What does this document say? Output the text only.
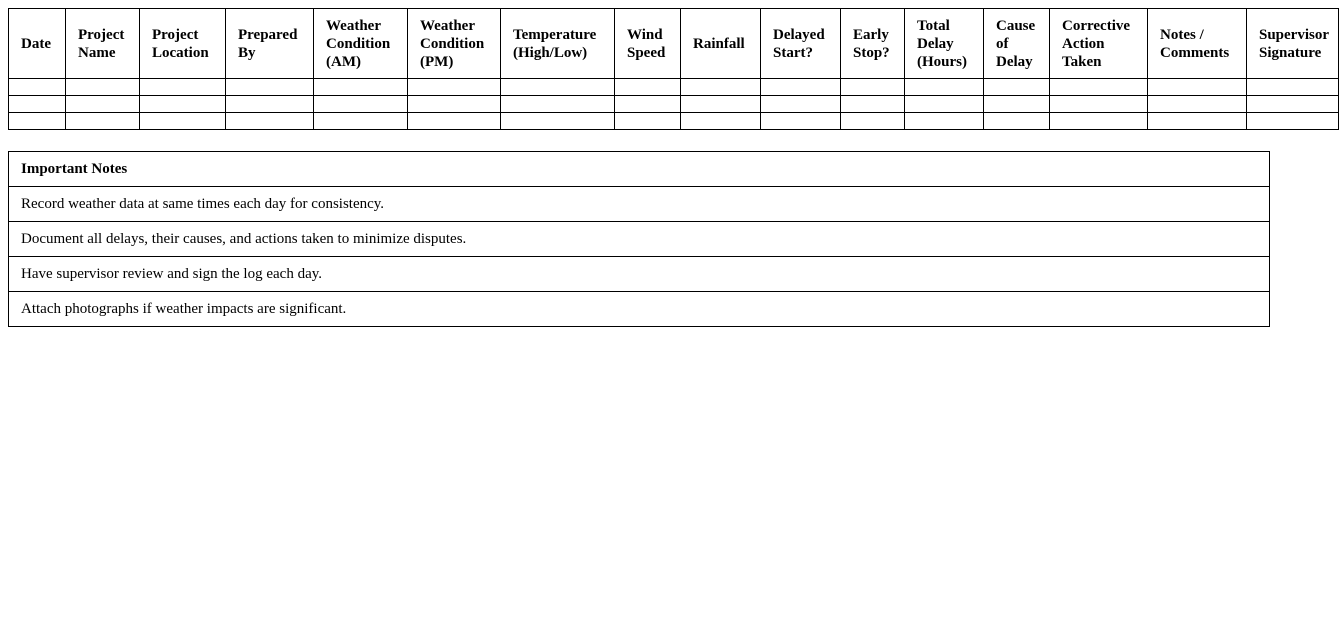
Date	Project Name	Project Location	Prepared By	Weather Condition (AM)	Weather Condition (PM)	Temperature (High/Low)	Wind Speed	Rainfall	Delayed Start?	Early Stop?	Total Delay (Hours)	Cause of Delay	Corrective Action Taken	Notes / Comments	Supervisor Signature

Important Notes
Record weather data at same times each day for consistency.
Document all delays, their causes, and actions taken to minimize disputes.
Have supervisor review and sign the log each day.
Attach photographs if weather impacts are significant.
